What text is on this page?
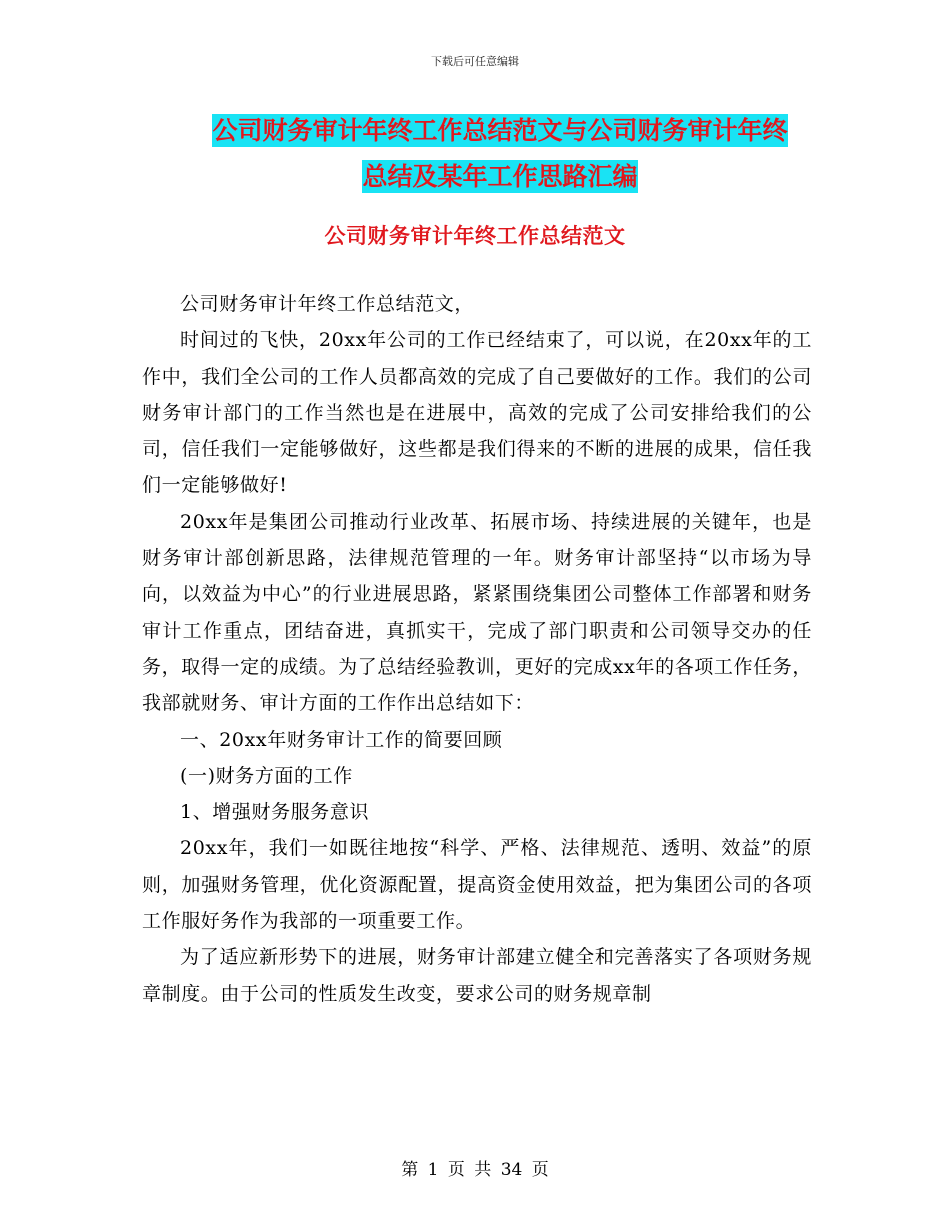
下载后可任意编辑
公司财务审计年终工作总结范文与公司财务审计年终
总结及某年工作思路汇编
公司财务审计年终工作总结范文

公司财务审计年终工作总结范文，

时间过的飞快，20xx年公司的工作已经结束了，可以说，在20xx年的工作中，我们全公司的工作人员都高效的完成了自己要做好的工作。我们的公司财务审计部门的工作当然也是在进展中，高效的完成了公司安排给我们的公司，信任我们一定能够做好，这些都是我们得来的不断的进展的成果，信任我们一定能够做好!

20xx年是集团公司推动行业改革、拓展市场、持续进展的关键年，也是财务审计部创新思路，法律规范管理的一年。财务审计部坚持“以市场为导向，以效益为中心”的行业进展思路，紧紧围绕集团公司整体工作部署和财务审计工作重点，团结奋进，真抓实干，完成了部门职责和公司领导交办的任务，取得一定的成绩。为了总结经验教训，更好的完成xx年的各项工作任务，我部就财务、审计方面的工作作出总结如下：

一、20xx年财务审计工作的简要回顾

(一)财务方面的工作

1、增强财务服务意识

20xx年，我们一如既往地按“科学、严格、法律规范、透明、效益”的原则，加强财务管理，优化资源配置，提高资金使用效益，把为集团公司的各项工作服好务作为我部的一项重要工作。

为了适应新形势下的进展，财务审计部建立健全和完善落实了各项财务规章制度。由于公司的性质发生改变，要求公司的财务规章制

第 1 页 共 34 页
